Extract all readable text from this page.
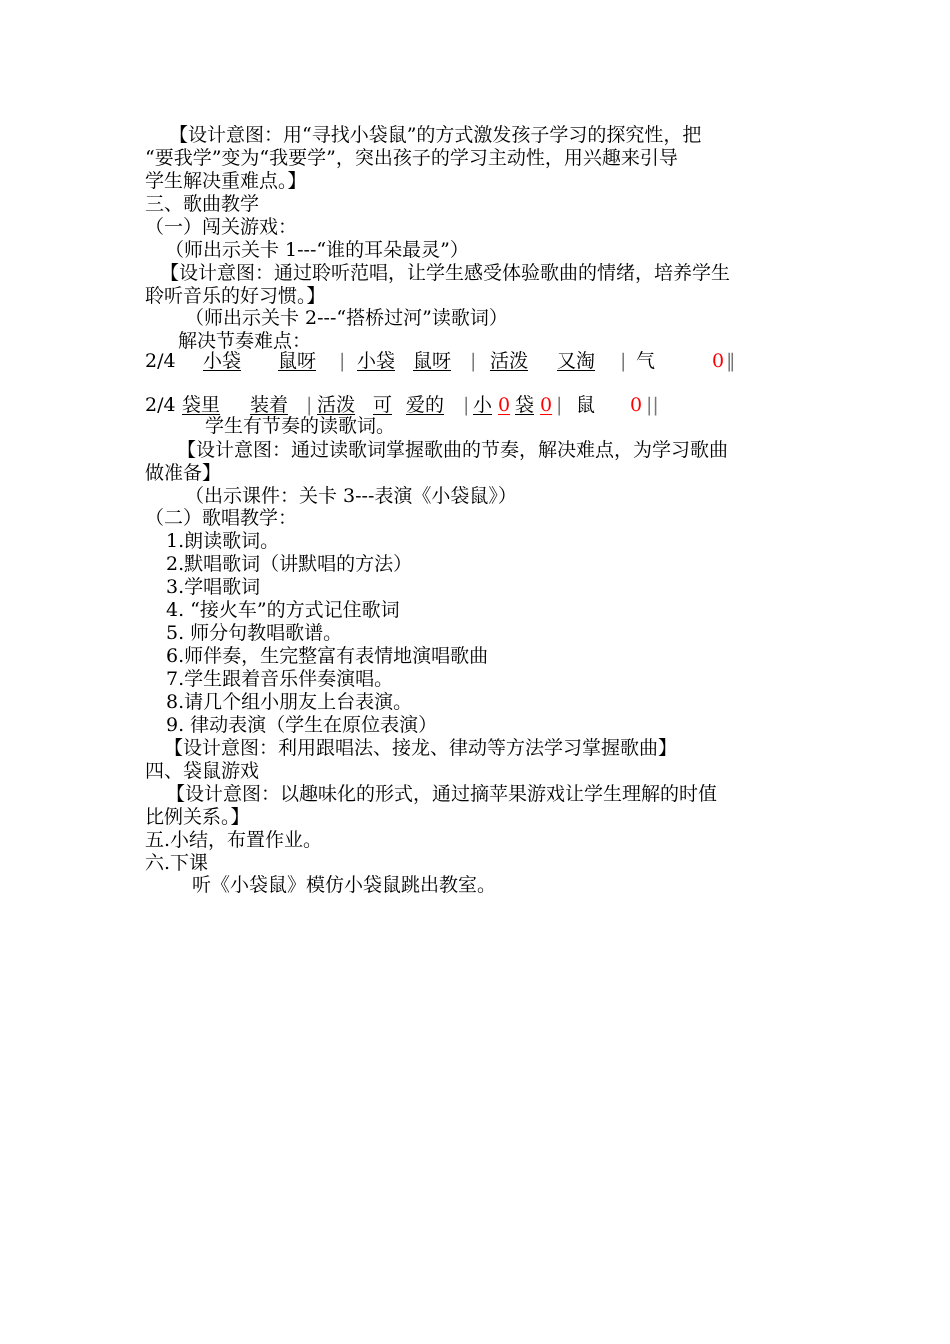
【设计意图：用“寻找小袋鼠”的方式激发孩子学习的探究性，把
“要我学”变为“我要学”，突出孩子的学习主动性，用兴趣来引导
学生解决重难点。】
三、歌曲教学
（一）闯关游戏：
（师出示关卡 1---“谁的耳朵最灵”）
【设计意图：通过聆听范唱，让学生感受体验歌曲的情绪，培养学生
聆听音乐的好习惯。】
（师出示关卡 2---“搭桥过河”读歌词）
解决节奏难点：
2/4 小袋 鼠呀 | 小袋 鼠呀 | 活泼 又淘 | 气	0 ‖
2/4 袋里 装着 | 活泼 可 爱的 | 小 0 袋 0 | 鼠 0 ||
学生有节奏的读歌词。
【设计意图：通过读歌词掌握歌曲的节奏，解决难点，为学习歌曲
做准备】
（出示课件：关卡 3---表演《小袋鼠》）
（二）歌唱教学：
1.朗读歌词。
2.默唱歌词（讲默唱的方法）
3.学唱歌词
4. “接火车”的方式记住歌词
5. 师分句教唱歌谱。
6.师伴奏，生完整富有表情地演唱歌曲
7.学生跟着音乐伴奏演唱。
8.请几个组小朋友上台表演。
9. 律动表演（学生在原位表演）
【设计意图：利用跟唱法、接龙、律动等方法学习掌握歌曲】
四、袋鼠游戏
【设计意图：以趣味化的形式，通过摘苹果游戏让学生理解的时值
比例关系。】
五.小结，布置作业。
六.下课
听《小袋鼠》模仿小袋鼠跳出教室。
